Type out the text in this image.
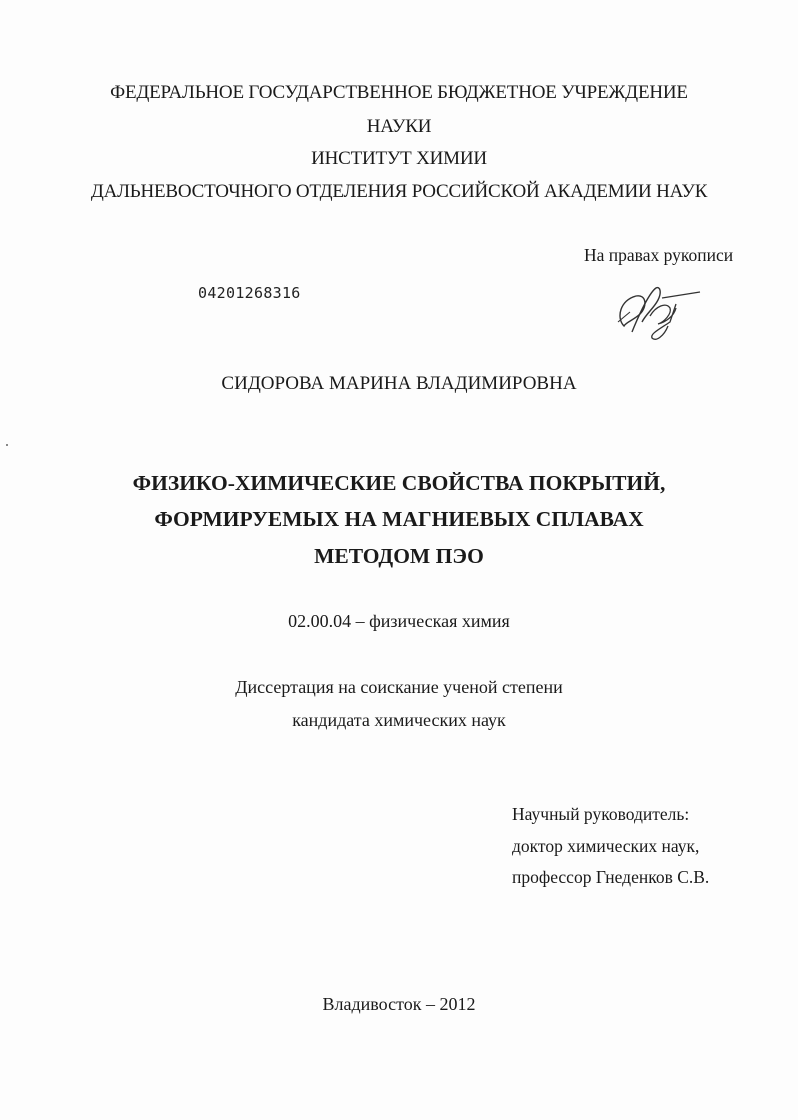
ФЕДЕРАЛЬНОЕ ГОСУДАРСТВЕННОЕ БЮДЖЕТНОЕ УЧРЕЖДЕНИЕ
НАУКИ
ИНСТИТУТ ХИМИИ
ДАЛЬНЕВОСТОЧНОГО ОТДЕЛЕНИЯ РОССИЙСКОЙ АКАДЕМИИ НАУК
На правах рукописи
04201268316
СИДОРОВА МАРИНА ВЛАДИМИРОВНА
ФИЗИКО-ХИМИЧЕСКИЕ СВОЙСТВА ПОКРЫТИЙ,
ФОРМИРУЕМЫХ НА МАГНИЕВЫХ СПЛАВАХ
МЕТОДОМ ПЭО
02.00.04 – физическая химия
Диссертация на соискание ученой степени
кандидата химических наук
Научный руководитель:
доктор химических наук,
профессор Гнеденков С.В.
Владивосток – 2012
